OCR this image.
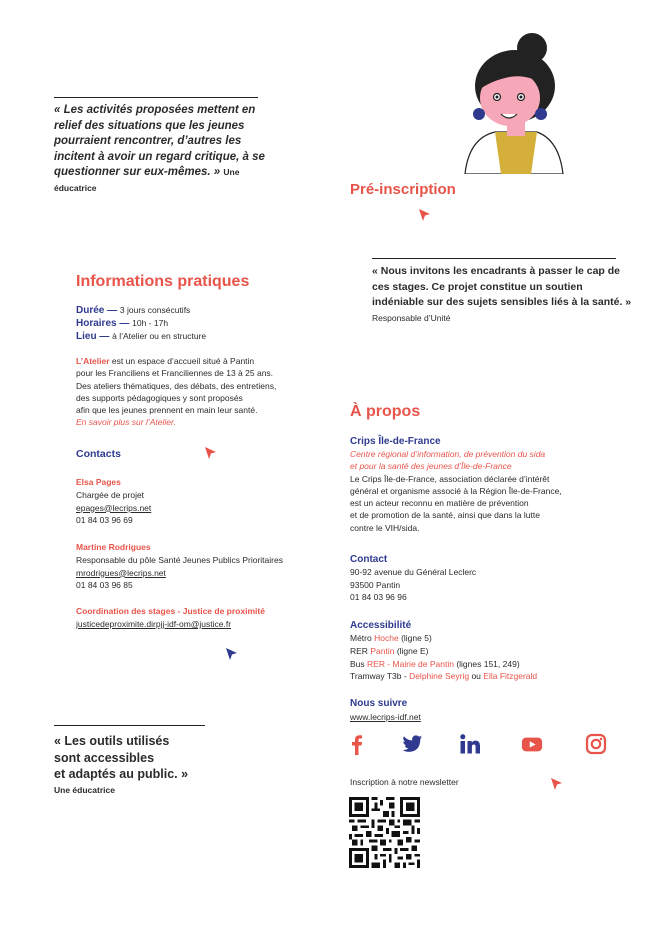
« Les activités proposées mettent en relief des situations que les jeunes pourraient rencontrer, d’autres les incitent à avoir un regard critique, à se questionner sur eux-mêmes. » Une éducatrice	Pré-inscription
« Nous invitons les encadrants à passer le cap de ces stages. Ce projet constitue un soutien indéniable sur des sujets sensibles liés à la santé. » Responsable d’Unité
Informations pratiques
Durée — 3 jours consécutifs
Horaires — 10h - 17h
Lieu — à l’Atelier ou en structure
L’Atelier est un espace d’accueil situé à Pantin
pour les Franciliens et Franciliennes de 13 à 25 ans.
Des ateliers thématiques, des débats, des entretiens,
des supports pédagogiques y sont proposés
afin que les jeunes prennent en main leur santé.
En savoir plus sur l’Atelier.
Contacts
Elsa Pages
Chargée de projet
epages@lecrips.net
01 84 03 96 69
Martine Rodrigues
Responsable du pôle Santé Jeunes Publics Prioritaires
mrodrigues@lecrips.net
01 84 03 96 85
Coordination des stages - Justice de proximité
justicedeproximite.dirpjj-idf-om@justice.fr
À propos
Crips Île-de-France
Centre régional d’information, de prévention du sida
et pour la santé des jeunes d’Île-de-France
Le Crips Île-de-France, association déclarée d’intérêt
général et organisme associé à la Région Île-de-France,
est un acteur reconnu en matière de prévention
et de promotion de la santé, ainsi que dans la lutte
contre le VIH/sida.
Contact
90-92 avenue du Général Leclerc
93500 Pantin
01 84 03 96 96
Accessibilité
Métro Hoche (ligne 5)
RER Pantin (ligne E)
Bus RER - Mairie de Pantin (lignes 151, 249)
Tramway T3b - Delphine Seyrig ou Ella Fitzgerald
Nous suivre
www.lecrips-idf.net
Inscription à notre newsletter
« Les outils utilisés
sont accessibles
et adaptés au public. »
Une éducatrice
